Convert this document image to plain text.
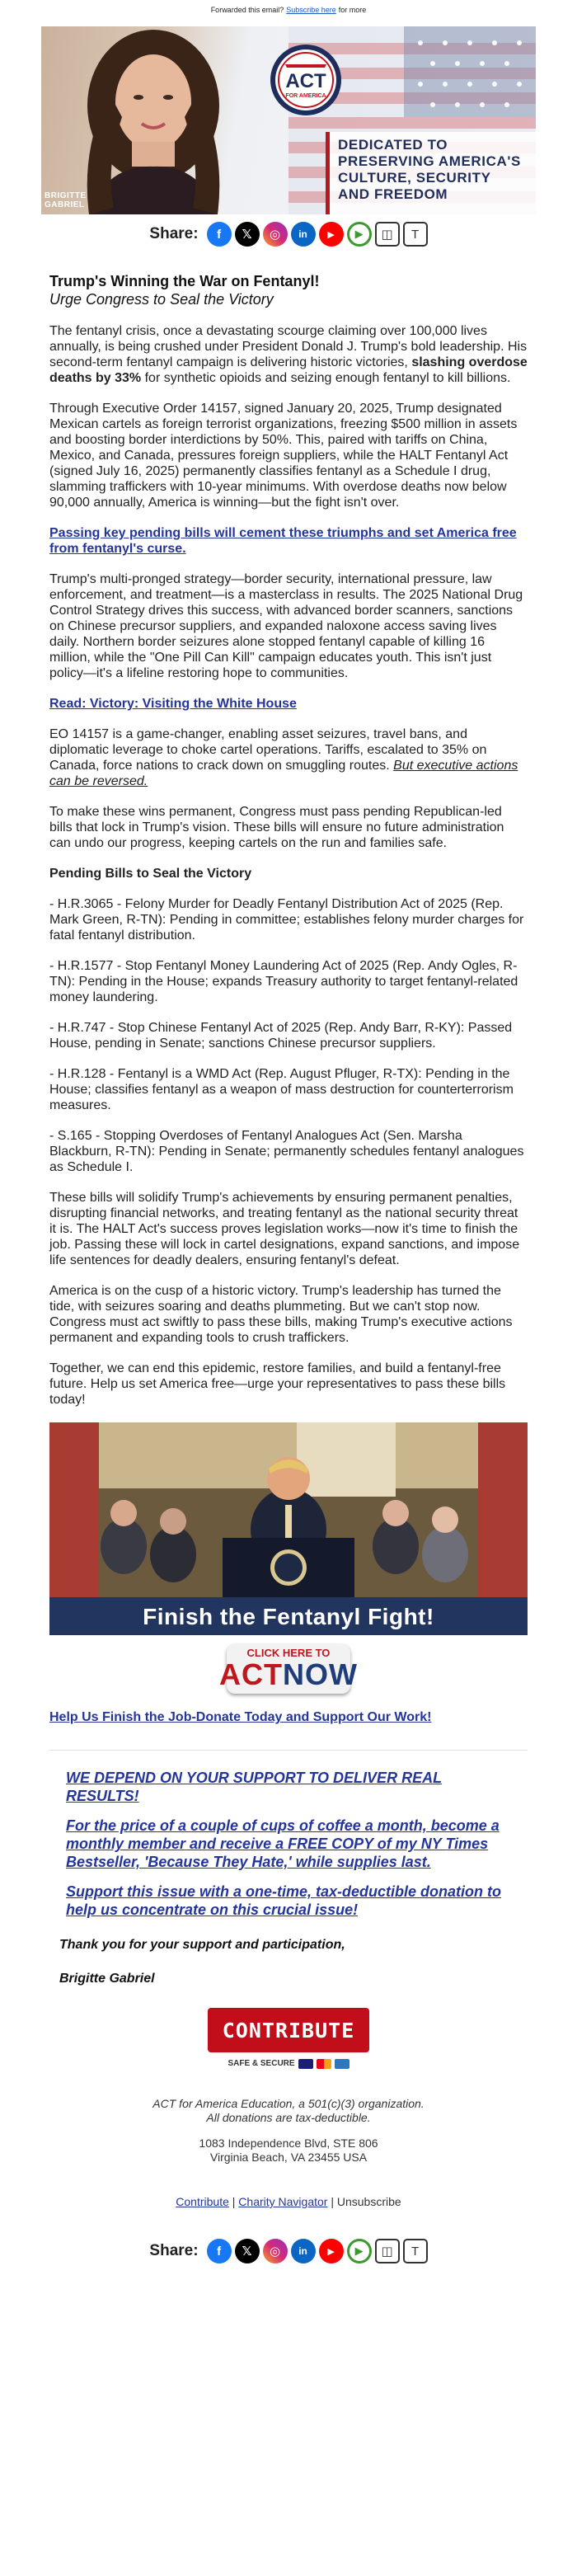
Forwarded this email? Subscribe here for more
BRIGITTE
GABRIEL
ACT
FOR AMERICA
DEDICATED TO
PRESERVING AMERICA'S
CULTURE, SECURITY
AND FREEDOM
Share:	f	𝕏	◎	in	▶	▶	◫	T
Trump's Winning the War on Fentanyl!
Urge Congress to Seal the Victory

The fentanyl crisis, once a devastating scourge claiming over 100,000 lives annually, is being crushed under President Donald J. Trump's bold leadership. His second-term fentanyl campaign is delivering historic victories, slashing overdose deaths by 33% for synthetic opioids and seizing enough fentanyl to kill billions.

Through Executive Order 14157, signed January 20, 2025, Trump designated Mexican cartels as foreign terrorist organizations, freezing $500 million in assets and boosting border interdictions by 50%. This, paired with tariffs on China, Mexico, and Canada, pressures foreign suppliers, while the HALT Fentanyl Act (signed July 16, 2025) permanently classifies fentanyl as a Schedule I drug, slamming traffickers with 10-year minimums. With overdose deaths now below 90,000 annually, America is winning—but the fight isn't over.

Passing key pending bills will cement these triumphs and set America free from fentanyl's curse.

Trump's multi-pronged strategy—border security, international pressure, law enforcement, and treatment—is a masterclass in results. The 2025 National Drug Control Strategy drives this success, with advanced border scanners, sanctions on Chinese precursor suppliers, and expanded naloxone access saving lives daily. Northern border seizures alone stopped fentanyl capable of killing 16 million, while the "One Pill Can Kill" campaign educates youth. This isn't just policy—it's a lifeline restoring hope to communities.

Read: Victory: Visiting the White House

EO 14157 is a game-changer, enabling asset seizures, travel bans, and diplomatic leverage to choke cartel operations. Tariffs, escalated to 35% on Canada, force nations to crack down on smuggling routes. But executive actions can be reversed.

To make these wins permanent, Congress must pass pending Republican-led bills that lock in Trump's vision. These bills will ensure no future administration can undo our progress, keeping cartels on the run and families safe.

Pending Bills to Seal the Victory

- H.R.3065 - Felony Murder for Deadly Fentanyl Distribution Act of 2025 (Rep. Mark Green, R-TN): Pending in committee; establishes felony murder charges for fatal fentanyl distribution.

- H.R.1577 - Stop Fentanyl Money Laundering Act of 2025 (Rep. Andy Ogles, R-TN): Pending in the House; expands Treasury authority to target fentanyl-related money laundering.

- H.R.747 - Stop Chinese Fentanyl Act of 2025 (Rep. Andy Barr, R-KY): Passed House, pending in Senate; sanctions Chinese precursor suppliers.

- H.R.128 - Fentanyl is a WMD Act (Rep. August Pfluger, R-TX): Pending in the House; classifies fentanyl as a weapon of mass destruction for counterterrorism measures.

- S.165 - Stopping Overdoses of Fentanyl Analogues Act (Sen. Marsha Blackburn, R-TN): Pending in Senate; permanently schedules fentanyl analogues as Schedule I.

These bills will solidify Trump's achievements by ensuring permanent penalties, disrupting financial networks, and treating fentanyl as the national security threat it is. The HALT Act's success proves legislation works—now it's time to finish the job. Passing these will lock in cartel designations, expand sanctions, and impose life sentences for deadly dealers, ensuring fentanyl's defeat.

America is on the cusp of a historic victory. Trump's leadership has turned the tide, with seizures soaring and deaths plummeting. But we can't stop now. Congress must act swiftly to pass these bills, making Trump's executive actions permanent and expanding tools to crush traffickers.

Together, we can end this epidemic, restore families, and build a fentanyl-free future. Help us set America free—urge your representatives to pass these bills today!

Finish the Fentanyl Fight!
CLICK HERE TO
ACTNOW
Help Us Finish the Job-Donate Today and Support Our Work!

WE DEPEND ON YOUR SUPPORT TO DELIVER REAL RESULTS!

For the price of a couple of cups of coffee a month, become a monthly member and receive a FREE COPY of my NY Times Bestseller, 'Because They Hate,' while supplies last.

Support this issue with a one-time, tax-deductible donation to help us concentrate on this crucial issue!

Thank you for your support and participation,
Brigitte Gabriel
CONTRIBUTE
SAFE & SECURE
ACT for America Education, a 501(c)(3) organization.
All donations are tax-deductible.
1083 Independence Blvd, STE 806
Virginia Beach, VA 23455 USA
Contribute | Charity Navigator | Unsubscribe
Share:	f	𝕏	◎	in	▶	▶	◫	T
